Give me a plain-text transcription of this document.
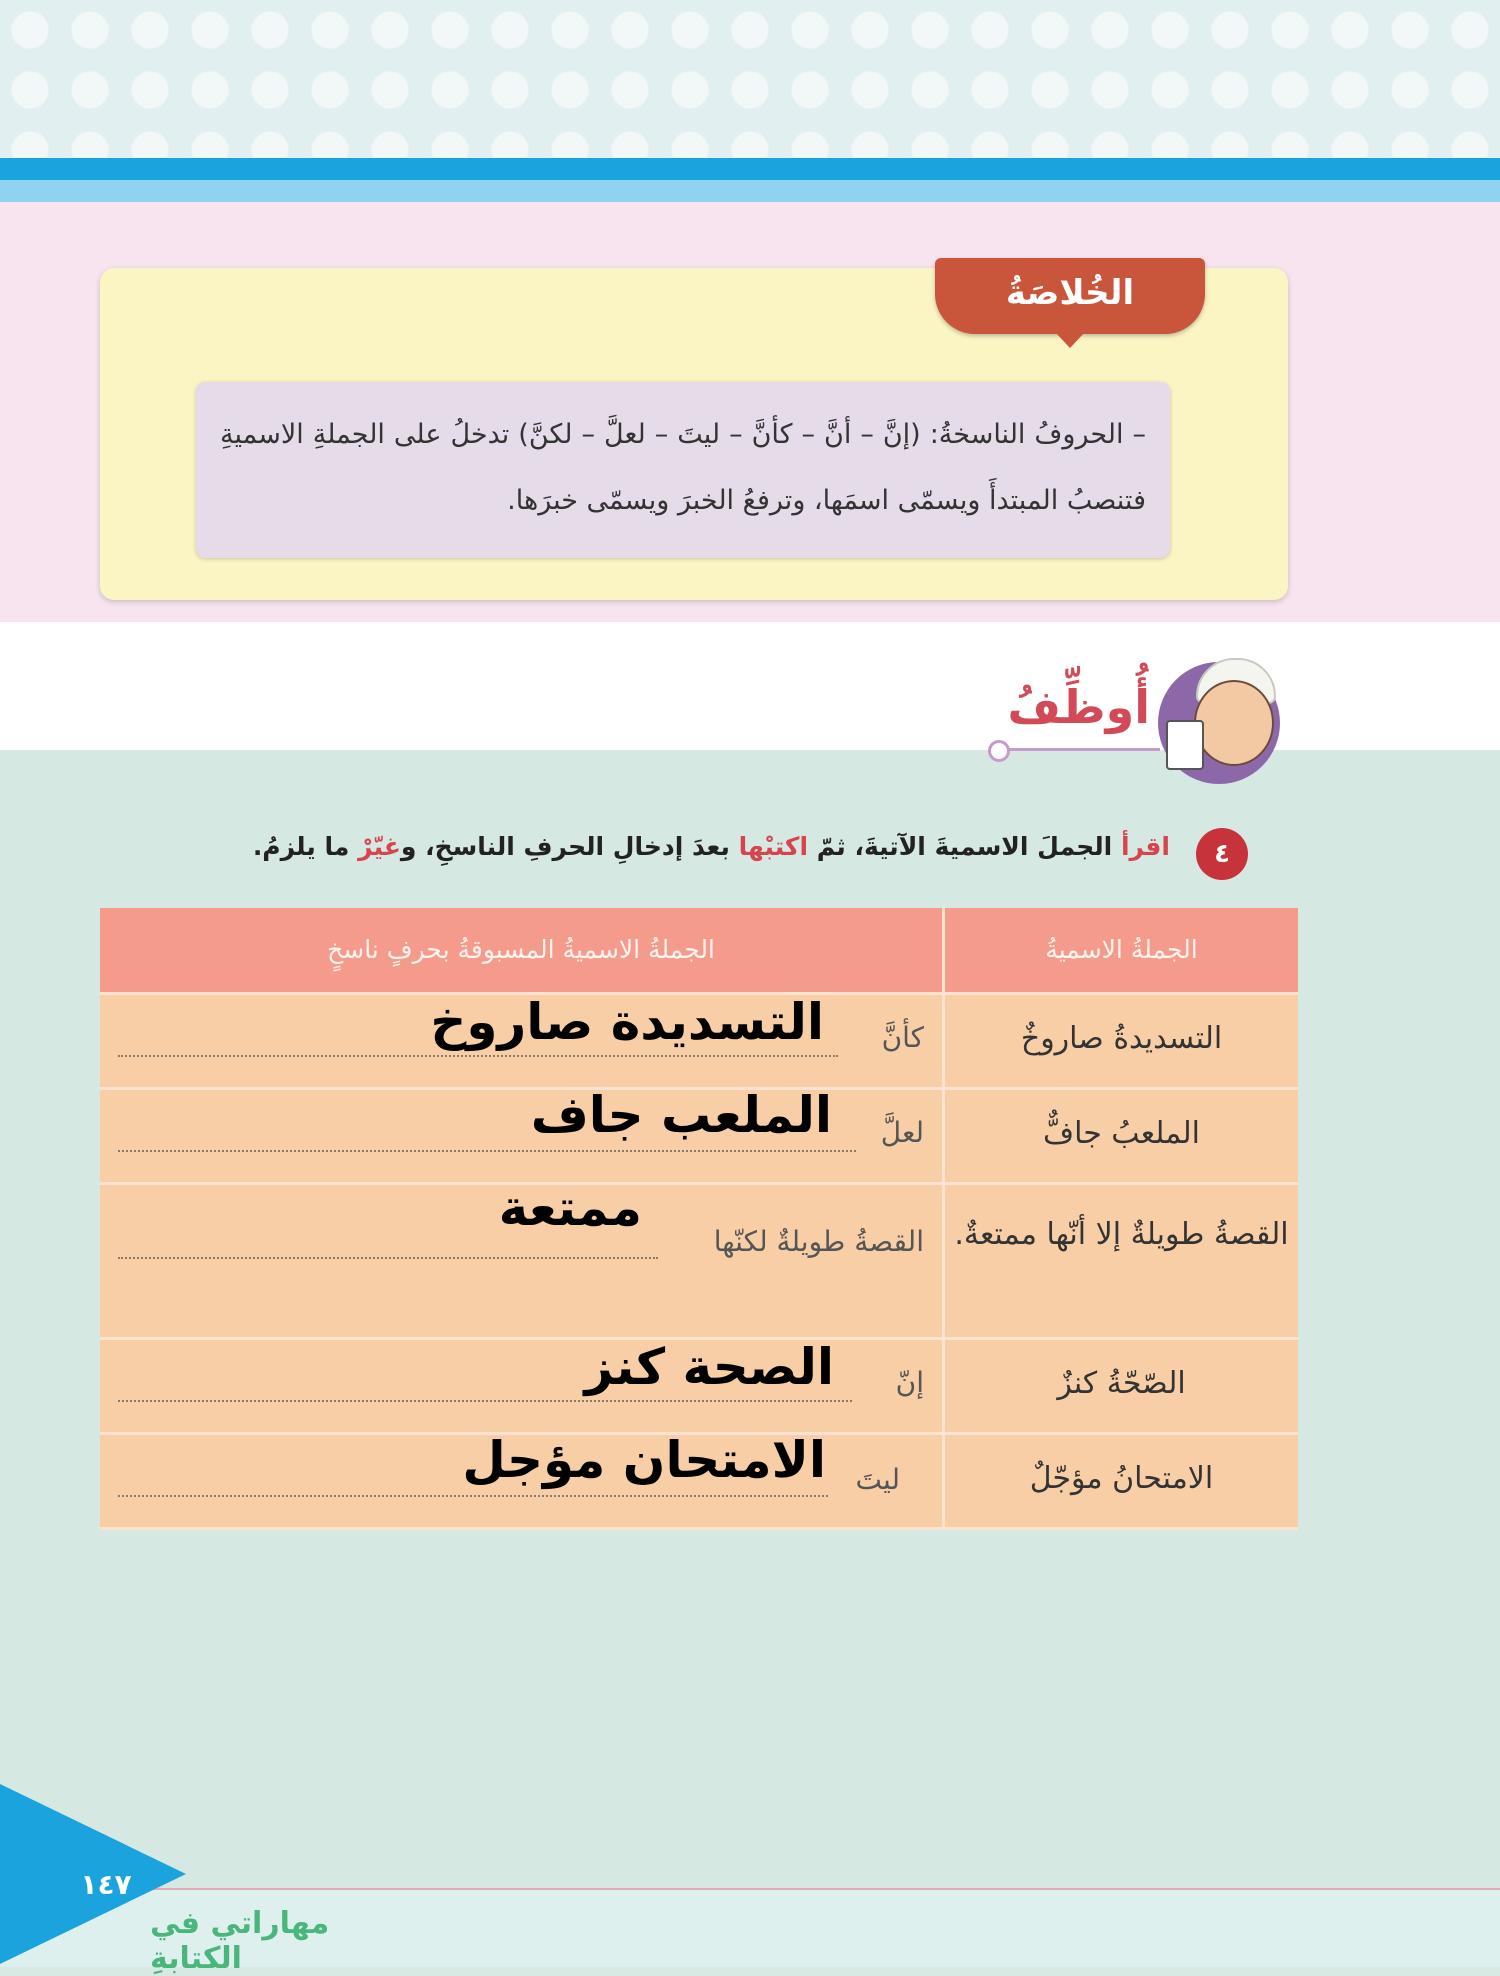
الخُلاصَةُ
– الحروفُ الناسخةُ: (إنَّ – أنَّ – كأنَّ – ليتَ – لعلَّ – لكنَّ) تدخلُ على الجملةِ الاسميةِ فتنصبُ المبتدأَ ويسمّى اسمَها، وترفعُ الخبرَ ويسمّى خبرَها.
أُوظِّفُ
٤
اقرأ الجملَ الاسميةَ الآتيةَ، ثمّ اكتبْها بعدَ إدخالِ الحرفِ الناسخِ، وغيّرْ ما يلزمُ.
الجملةُ الاسميةُ
الجملةُ الاسميةُ المسبوقةُ بحرفٍ ناسخٍ
التسديدةُ صاروخٌ
كأنَّ
التسديدة صاروخ
الملعبُ جافٌّ
لعلَّ
الملعب جاف
القصةُ طويلةٌ إلا أنّها ممتعةٌ.
القصةُ طويلةٌ لكنّها
ممتعة
الصّحّةُ كنزٌ
إنّ
الصحة كنز
الامتحانُ مؤجّلٌ
ليتَ
الامتحان مؤجل
١٤٧
مهاراتي في الكتابةِ
